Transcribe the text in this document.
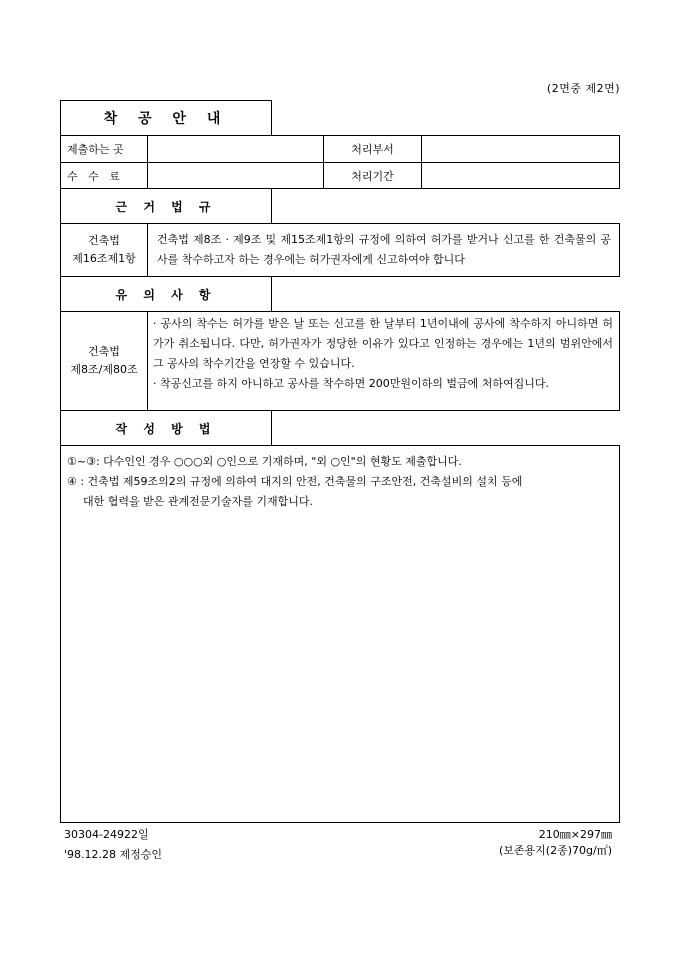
(2면중 제2면)
착 공 안 내
제출하는 곳	처리부서
수   수   료	처리기간
근 거 법 규
건축법
제16조제1항
건축법 제8조 · 제9조 및 제15조제1항의 규정에 의하여 허가를 받거나 신고를 한 건축물의 공사를 착수하고자 하는 경우에는 허가권자에게 신고하여야 합니다
유 의 사 항
건축법
제8조/제80조
· 공사의 착수는 허가를 받은 날 또는 신고를 한 날부터 1년이내에 공사에 착수하지 아니하면 허가가 취소됩니다. 다만, 허가권자가 정당한 이유가 있다고 인정하는 경우에는 1년의 범위안에서 그 공사의 착수기간을 연장할 수 있습니다.
· 착공신고를 하지 아니하고 공사를 착수하면 200만원이하의 벌금에 처하여집니다.
작 성 방 법
①~③: 다수인인 경우 ○○○외 ○인으로 기재하며, "외 ○인"의 현황도 제출합니다.
④ : 건축법 제59조의2의 규정에 의하여 대지의 안전, 건축물의 구조안전, 건축설비의 설치 등에
대한 협력을 받은 관계전문기술자를 기재합니다.
30304-24922일
'98.12.28 제정승인
210㎜×297㎜
(보존용지(2종)70g/㎡)
